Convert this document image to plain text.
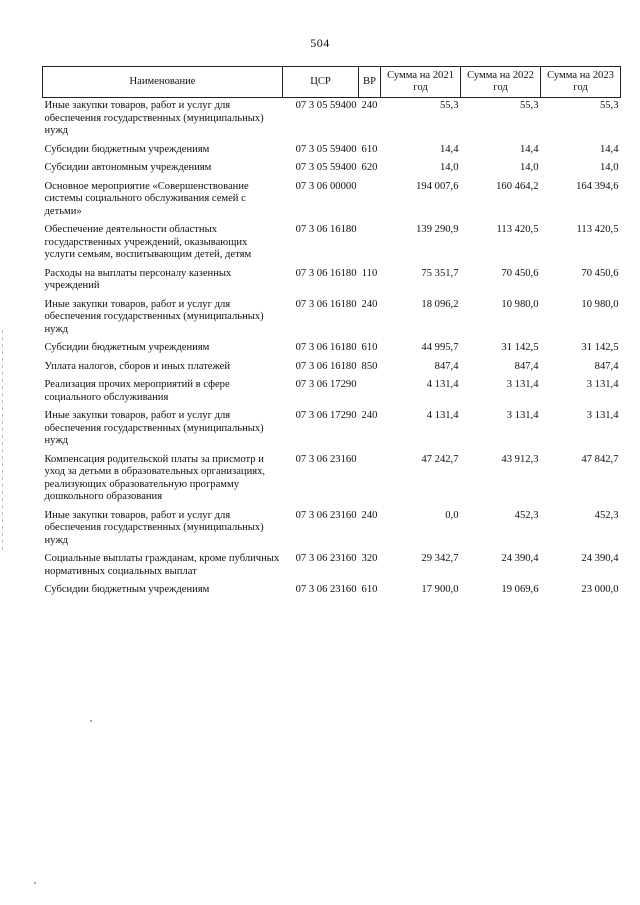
504
Наименование	ЦСР	ВР	Сумма на 2021 год	Сумма на 2022 год	Сумма на 2023 год
Иные закупки товаров, работ и услуг для обеспечения государственных (муниципальных) нужд	07 3 05 59400	240	55,3	55,3	55,3
Субсидии бюджетным учреждениям	07 3 05 59400	610	14,4	14,4	14,4
Субсидии автономным учреждениям	07 3 05 59400	620	14,0	14,0	14,0
Основное мероприятие «Совершенствование системы социального обслуживания семей с детьми»	07 3 06 00000		194 007,6	160 464,2	164 394,6
Обеспечение деятельности областных государственных учреждений, оказывающих услуги семьям, воспитывающим детей, детям	07 3 06 16180		139 290,9	113 420,5	113 420,5
Расходы на выплаты персоналу казенных учреждений	07 3 06 16180	110	75 351,7	70 450,6	70 450,6
Иные закупки товаров, работ и услуг для обеспечения государственных (муниципальных) нужд	07 3 06 16180	240	18 096,2	10 980,0	10 980,0
Субсидии бюджетным учреждениям	07 3 06 16180	610	44 995,7	31 142,5	31 142,5
Уплата налогов, сборов и иных платежей	07 3 06 16180	850	847,4	847,4	847,4
Реализация прочих мероприятий в сфере социального обслуживания	07 3 06 17290		4 131,4	3 131,4	3 131,4
Иные закупки товаров, работ и услуг для обеспечения государственных (муниципальных) нужд	07 3 06 17290	240	4 131,4	3 131,4	3 131,4
Компенсация родительской платы за присмотр и уход за детьми в образовательных организациях, реализующих образовательную программу дошкольного образования	07 3 06 23160		47 242,7	43 912,3	47 842,7
Иные закупки товаров, работ и услуг для обеспечения государственных (муниципальных) нужд	07 3 06 23160	240	0,0	452,3	452,3
Социальные выплаты гражданам, кроме публичных нормативных социальных выплат	07 3 06 23160	320	29 342,7	24 390,4	24 390,4
Субсидии бюджетным учреждениям	07 3 06 23160	610	17 900,0	19 069,6	23 000,0
